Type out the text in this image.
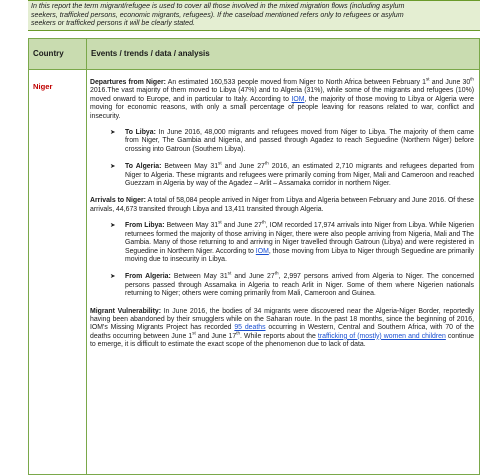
In this report the term migrant/refugee is used to cover all those involved in the mixed migration flows (including asylum
seekers, trafficked persons, economic migrants, refugees). If the caseload mentioned refers only to refugees or asylum
seekers or trafficked persons it will be clearly stated.
Country	Events / trends / data / analysis
Niger	Departures from Niger: An estimated 160,533 people moved from Niger to North Africa between February 1st and June 30th 2016.The vast majority of them moved to Libya (47%) and to Algeria (31%), while some of the migrants and refugees (10%) moved onward to Europe, and in particular to Italy. According to IOM, the majority of those moving to Libya or Algeria were moving for economic reasons, with only a small percentage of people leaving for reasons related to war, conflict and insecurity.

➤ To Libya: In June 2016, 48,000 migrants and refugees moved from Niger to Libya. The majority of them came from Niger, The Gambia and Nigeria, and passed through Agadez to reach Seguedine (Northern Niger) before crossing into Gatroun (Southern Libya).
➤ To Algeria: Between May 31st and June 27th 2016, an estimated 2,710 migrants and refugees departed from Niger to Algeria. These migrants and refugees were primarily coming from Niger, Mali and Cameroon and reached Guezzam in Algeria by way of the Agadez – Arlit – Assamaka corridor in northern Niger.

Arrivals to Niger: A total of 58,084 people arrived in Niger from Libya and Algeria between February and June 2016. Of these arrivals, 44,673 transited through Libya and 13,411 transited through Algeria.

➤ From Libya: Between May 31st and June 27th, IOM recorded 17,974 arrivals into Niger from Libya. While Nigerien returnees formed the majority of those arriving in Niger, there were also people arriving from Nigeria, Mali and The Gambia. Many of those returning to and arriving in Niger travelled through Gatroun (Libya) and were registered in Seguedine in Northern Niger. According to IOM, those moving from Libya to Niger through Seguedine are primarily moving due to insecurity in Libya.
➤ From Algeria: Between May 31st and June 27th, 2,997 persons arrived from Algeria to Niger. The concerned persons passed through Assamaka in Algeria to reach Arlit in Niger. Some of them where Nigerien nationals returning to Niger; others were coming primarily from Mali, Cameroon and Guinea.

Migrant Vulnerability: In June 2016, the bodies of 34 migrants were discovered near the Algeria-Niger Border, reportedly having been abandoned by their smugglers while on the Saharan route. In the past 18 months, since the beginning of 2016, IOM's Missing Migrants Project has recorded 95 deaths occurring in Western, Central and Southern Africa, with 70 of the deaths occurring between June 1st and June 17th. While reports about the trafficking of (mostly) women and children continue to emerge, it is difficult to estimate the exact scope of the phenomenon due to lack of data.
